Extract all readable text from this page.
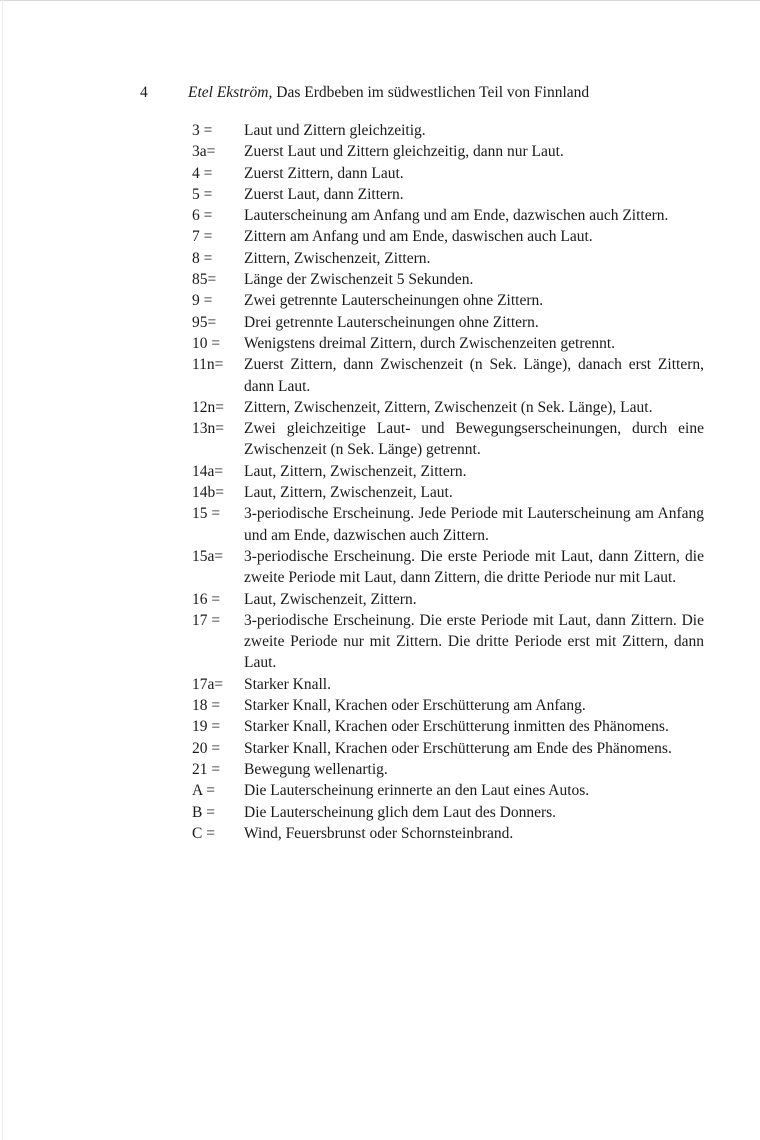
4	Etel Ekström, Das Erdbeben im südwestlichen Teil von Finnland
3 =	Laut und Zittern gleichzeitig.
3a=	Zuerst Laut und Zittern gleichzeitig, dann nur Laut.
4 =	Zuerst Zittern, dann Laut.
5 =	Zuerst Laut, dann Zittern.
6 =	Lauterscheinung am Anfang und am Ende, dazwischen auch Zittern.
7 =	Zittern am Anfang und am Ende, daswischen auch Laut.
8 =	Zittern, Zwischenzeit, Zittern.
85=	Länge der Zwischenzeit 5 Sekunden.
9 =	Zwei getrennte Lauterscheinungen ohne Zittern.
95=	Drei getrennte Lauterscheinungen ohne Zittern.
10 =	Wenigstens dreimal Zittern, durch Zwischenzeiten getrennt.
11n=	Zuerst Zittern, dann Zwischenzeit (n Sek. Länge), danach erst Zittern, dann Laut.
12n=	Zittern, Zwischenzeit, Zittern, Zwischenzeit (n Sek. Länge), Laut.
13n=	Zwei gleichzeitige Laut- und Bewegungserscheinungen, durch eine Zwischenzeit (n Sek. Länge) getrennt.
14a=	Laut, Zittern, Zwischenzeit, Zittern.
14b=	Laut, Zittern, Zwischenzeit, Laut.
15 =	3-periodische Erscheinung. Jede Periode mit Lauterscheinung am Anfang und am Ende, dazwischen auch Zittern.
15a=	3-periodische Erscheinung. Die erste Periode mit Laut, dann Zittern, die zweite Periode mit Laut, dann Zittern, die dritte Periode nur mit Laut.
16 =	Laut, Zwischenzeit, Zittern.
17 =	3-periodische Erscheinung. Die erste Periode mit Laut, dann Zittern. Die zweite Periode nur mit Zittern. Die dritte Periode erst mit Zittern, dann Laut.
17a=	Starker Knall.
18 =	Starker Knall, Krachen oder Erschütterung am Anfang.
19 =	Starker Knall, Krachen oder Erschütterung inmitten des Phänomens.
20 =	Starker Knall, Krachen oder Erschütterung am Ende des Phänomens.
21 =	Bewegung wellenartig.
A =	Die Lauterscheinung erinnerte an den Laut eines Autos.
B =	Die Lauterscheinung glich dem Laut des Donners.
C =	Wind, Feuersbrunst oder Schornsteinbrand.
